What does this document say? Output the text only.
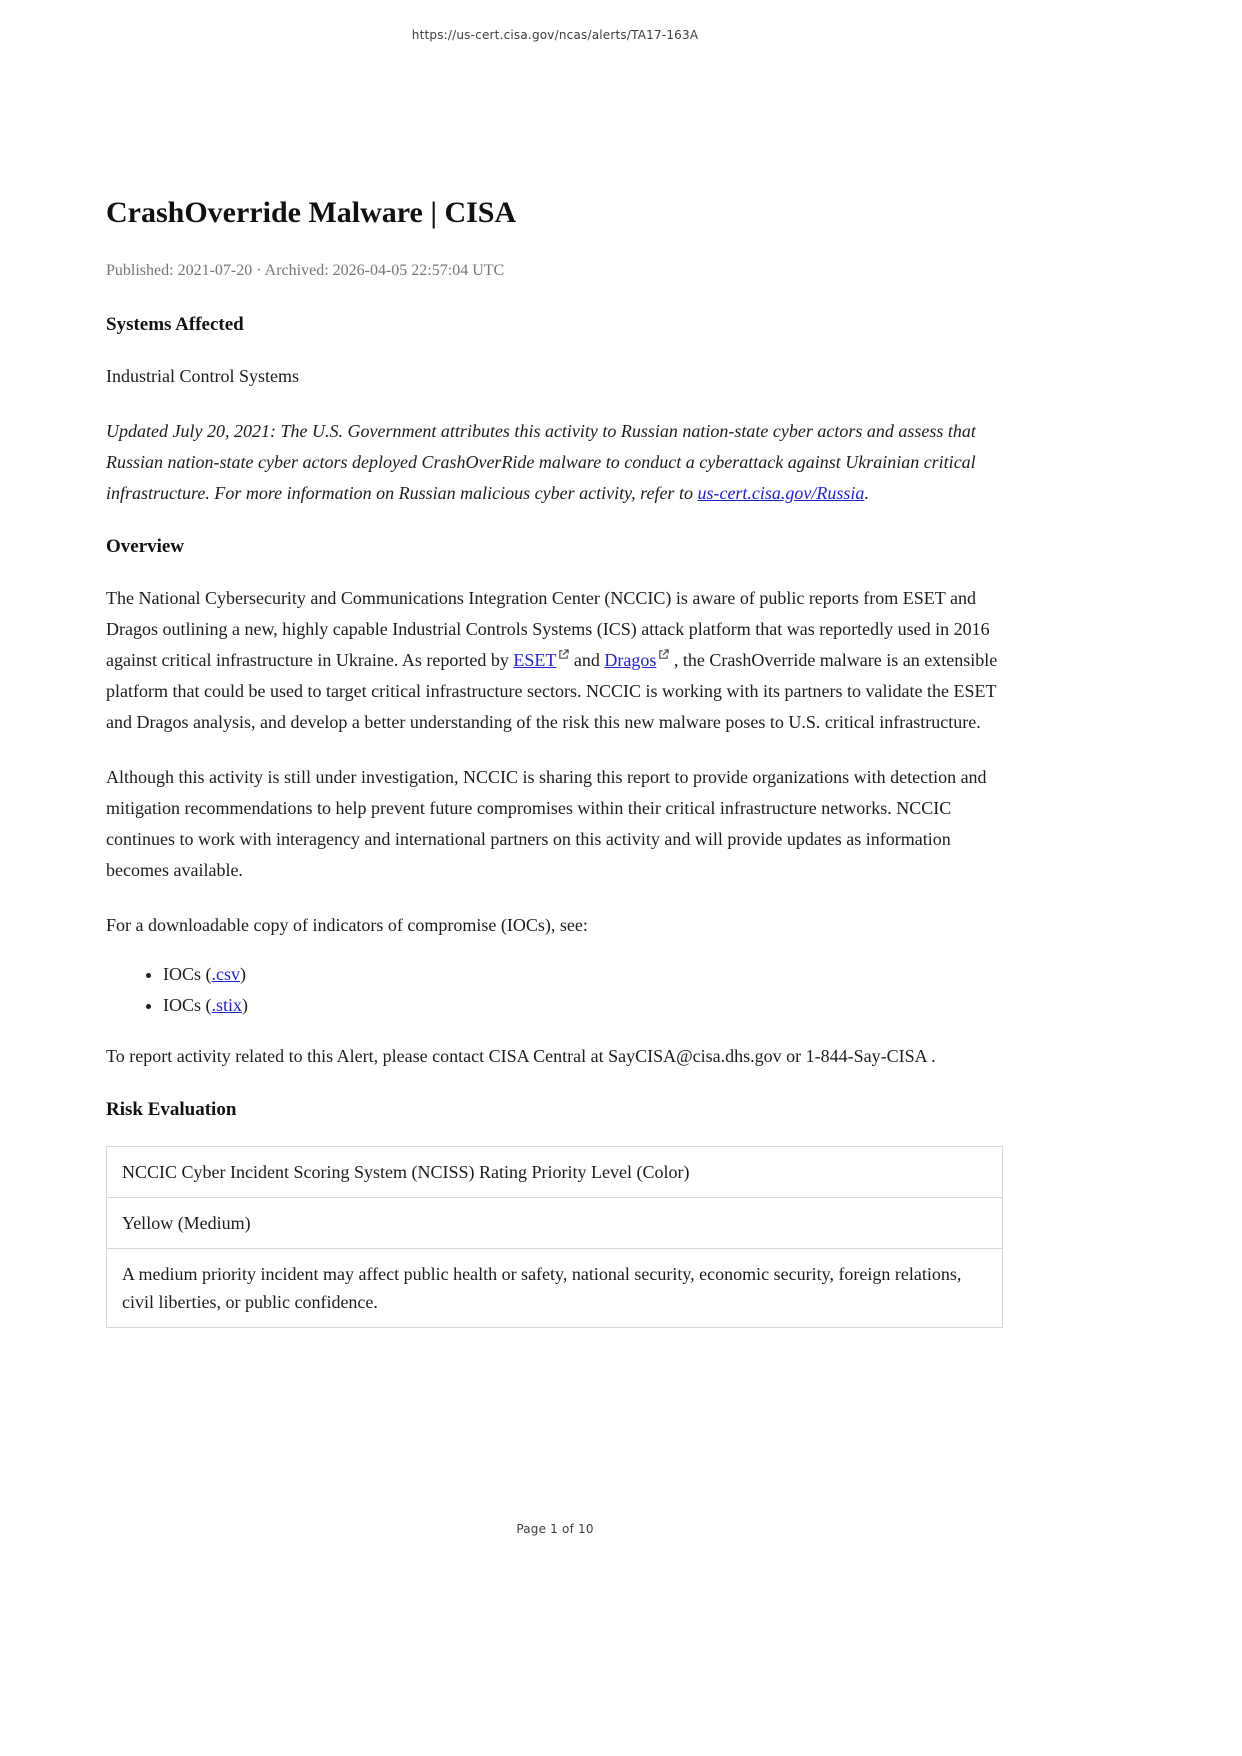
https://us-cert.cisa.gov/ncas/alerts/TA17-163A
CrashOverride Malware | CISA

Published: 2021-07-20 · Archived: 2026-04-05 22:57:04 UTC

Systems Affected

Industrial Control Systems

Updated July 20, 2021: The U.S. Government attributes this activity to Russian nation-state cyber actors and assess that Russian nation-state cyber actors deployed CrashOverRide malware to conduct a cyberattack against Ukrainian critical infrastructure. For more information on Russian malicious cyber activity, refer to us-cert.cisa.gov/Russia.

Overview

The National Cybersecurity and Communications Integration Center (NCCIC) is aware of public reports from ESET and Dragos outlining a new, highly capable Industrial Controls Systems (ICS) attack platform that was reportedly used in 2016 against critical infrastructure in Ukraine. As reported by ESET and Dragos , the CrashOverride malware is an extensible platform that could be used to target critical infrastructure sectors. NCCIC is working with its partners to validate the ESET and Dragos analysis, and develop a better understanding of the risk this new malware poses to U.S. critical infrastructure.

Although this activity is still under investigation, NCCIC is sharing this report to provide organizations with detection and mitigation recommendations to help prevent future compromises within their critical infrastructure networks. NCCIC continues to work with interagency and international partners on this activity and will provide updates as information becomes available.

For a downloadable copy of indicators of compromise (IOCs), see:

• IOCs (.csv)
• IOCs (.stix)

To report activity related to this Alert, please contact CISA Central at SayCISA@cisa.dhs.gov or 1-844-Say-CISA .

Risk Evaluation
NCCIC Cyber Incident Scoring System (NCISS) Rating Priority Level (Color)
Yellow (Medium)
A medium priority incident may affect public health or safety, national security, economic security, foreign relations, civil liberties, or public confidence.
Page 1 of 10
